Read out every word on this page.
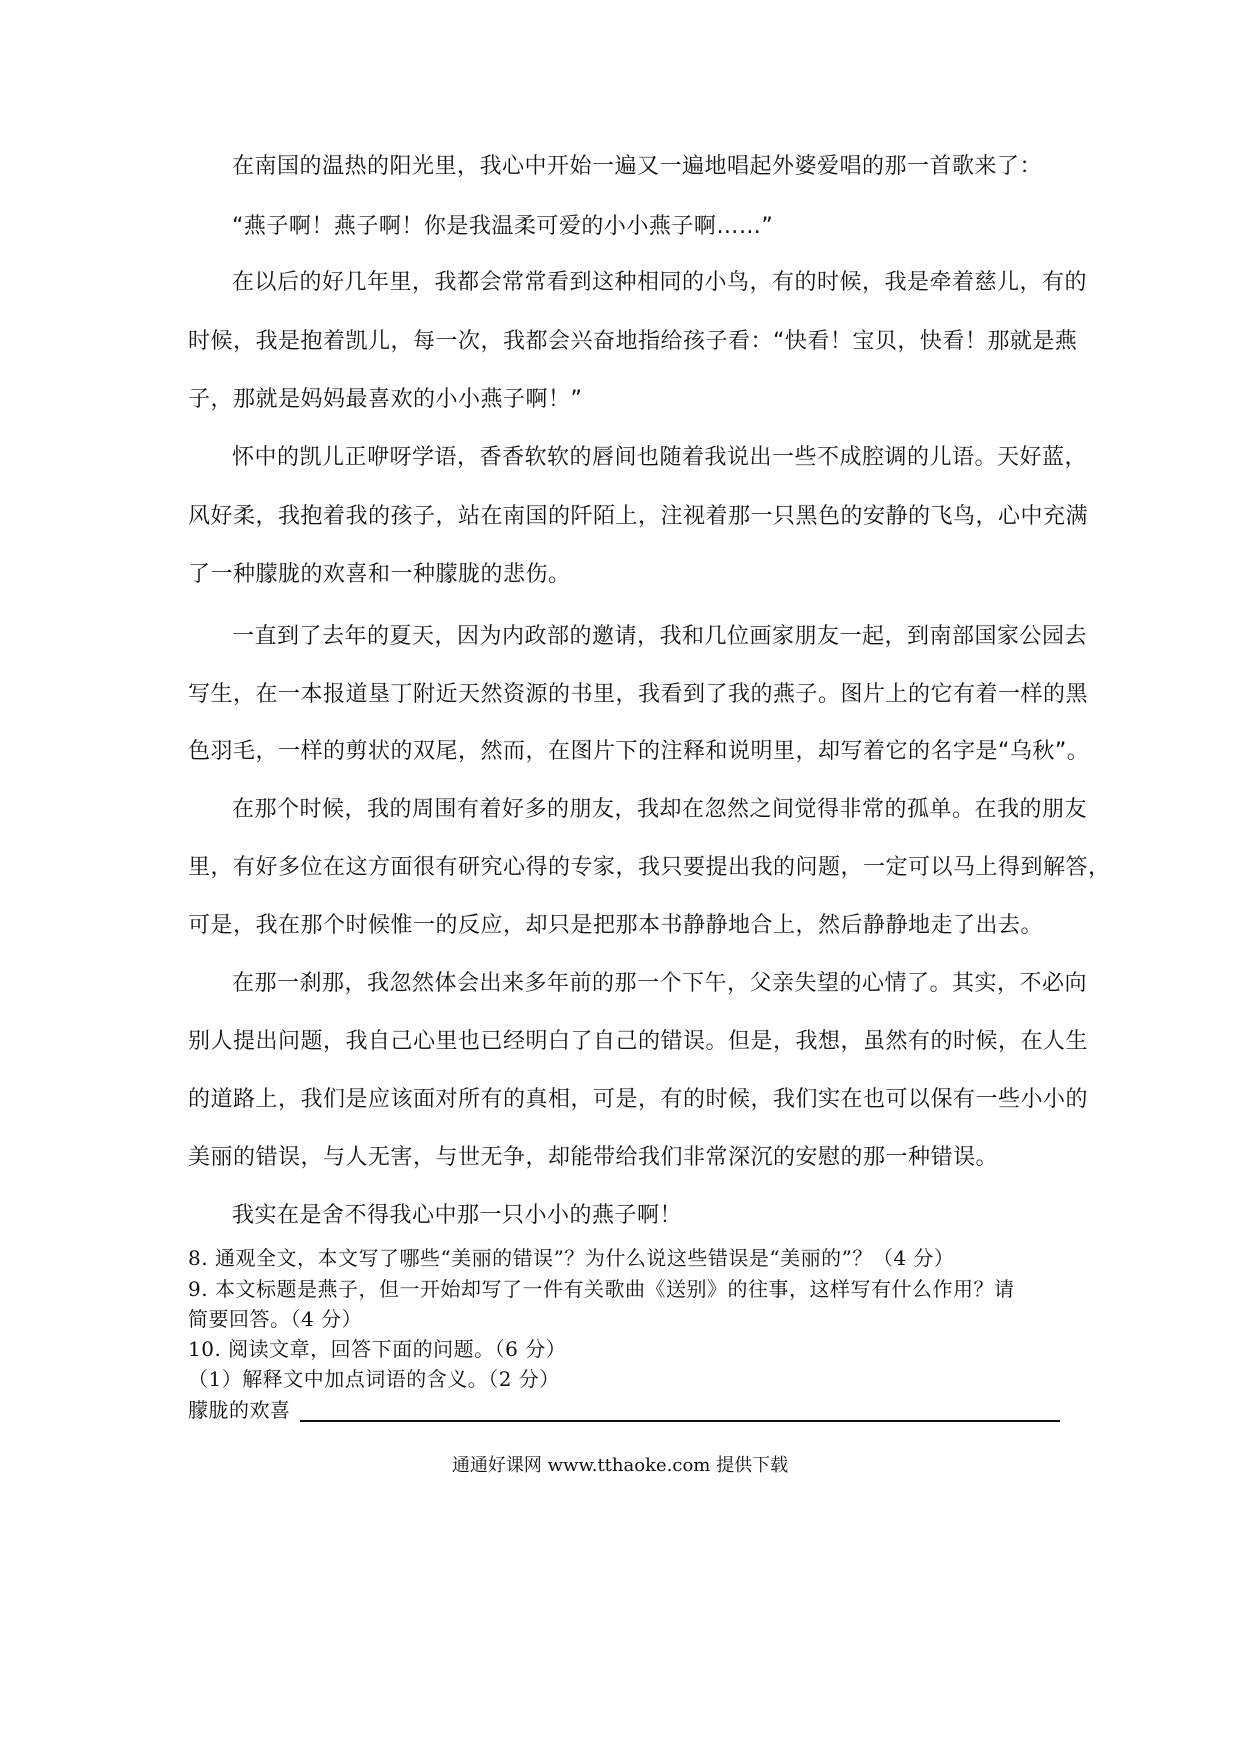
在南国的温热的阳光里，我心中开始一遍又一遍地唱起外婆爱唱的那一首歌来了：
“燕子啊！燕子啊！你是我温柔可爱的小小燕子啊……”
在以后的好几年里，我都会常常看到这种相同的小鸟，有的时候，我是牵着慈儿，有的
时候，我是抱着凯儿，每一次，我都会兴奋地指给孩子看：“快看！宝贝，快看！那就是燕
子，那就是妈妈最喜欢的小小燕子啊！”
怀中的凯儿正咿呀学语，香香软软的唇间也随着我说出一些不成腔调的儿语。天好蓝，
风好柔，我抱着我的孩子，站在南国的阡陌上，注视着那一只黑色的安静的飞鸟，心中充满
了一种朦胧的欢喜和一种朦胧的悲伤。
一直到了去年的夏天，因为内政部的邀请，我和几位画家朋友一起，到南部国家公园去
写生，在一本报道垦丁附近天然资源的书里，我看到了我的燕子。图片上的它有着一样的黑
色羽毛，一样的剪状的双尾，然而，在图片下的注释和说明里，却写着它的名字是“乌秋”。
在那个时候，我的周围有着好多的朋友，我却在忽然之间觉得非常的孤单。在我的朋友
里，有好多位在这方面很有研究心得的专家，我只要提出我的问题，一定可以马上得到解答，
可是，我在那个时候惟一的反应，却只是把那本书静静地合上，然后静静地走了出去。
在那一刹那，我忽然体会出来多年前的那一个下午，父亲失望的心情了。其实，不必向
别人提出问题，我自己心里也已经明白了自己的错误。但是，我想，虽然有的时候，在人生
的道路上，我们是应该面对所有的真相，可是，有的时候，我们实在也可以保有一些小小的
美丽的错误，与人无害，与世无争，却能带给我们非常深沉的安慰的那一种错误。
我实在是舍不得我心中那一只小小的燕子啊！
8. 通观全文，本文写了哪些“美丽的错误”？为什么说这些错误是“美丽的”？（4 分）
9. 本文标题是燕子，但一开始却写了一件有关歌曲《送别》的往事，这样写有什么作用？请
简要回答。（4 分）
10. 阅读文章，回答下面的问题。（6 分）
（1）解释文中加点词语的含义。（2 分）
朦胧的欢喜
通通好课网 www.tthaoke.com 提供下载
